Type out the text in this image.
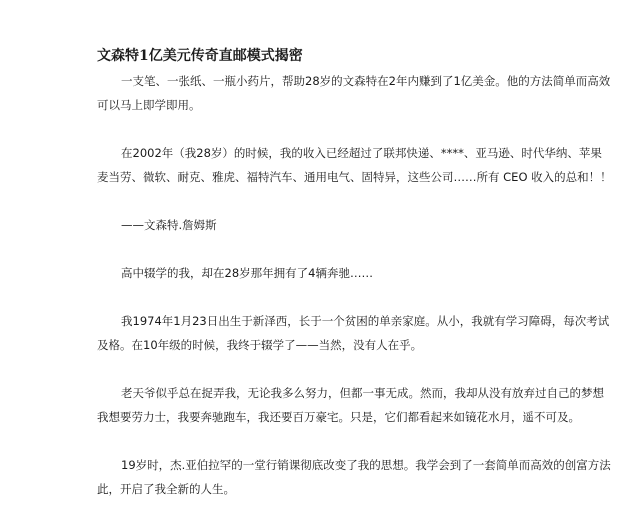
文森特1亿美元传奇直邮模式揭密
一支笔、一张纸、一瓶小药片，帮助28岁的文森特在2年内赚到了1亿美金。他的方法简单而高效
可以马上即学即用。
在2002年（我28岁）的时候，我的收入已经超过了联邦快递、****、亚马逊、时代华纳、苹果
麦当劳、微软、耐克、雅虎、福特汽车、通用电气、固特异，这些公司……所有 CEO 收入的总和！！
——文森特.詹姆斯
高中辍学的我，却在28岁那年拥有了4辆奔驰……
我1974年1月23日出生于新泽西，长于一个贫困的单亲家庭。从小，我就有学习障碍，每次考试
及格。在10年级的时候，我终于辍学了——当然，没有人在乎。
老天爷似乎总在捉弄我，无论我多么努力，但都一事无成。然而，我却从没有放弃过自己的梦想
我想要劳力士，我要奔驰跑车，我还要百万豪宅。只是，它们都看起来如镜花水月，遥不可及。
19岁时，杰.亚伯拉罕的一堂行销课彻底改变了我的思想。我学会到了一套简单而高效的创富方法
此，开启了我全新的人生。
